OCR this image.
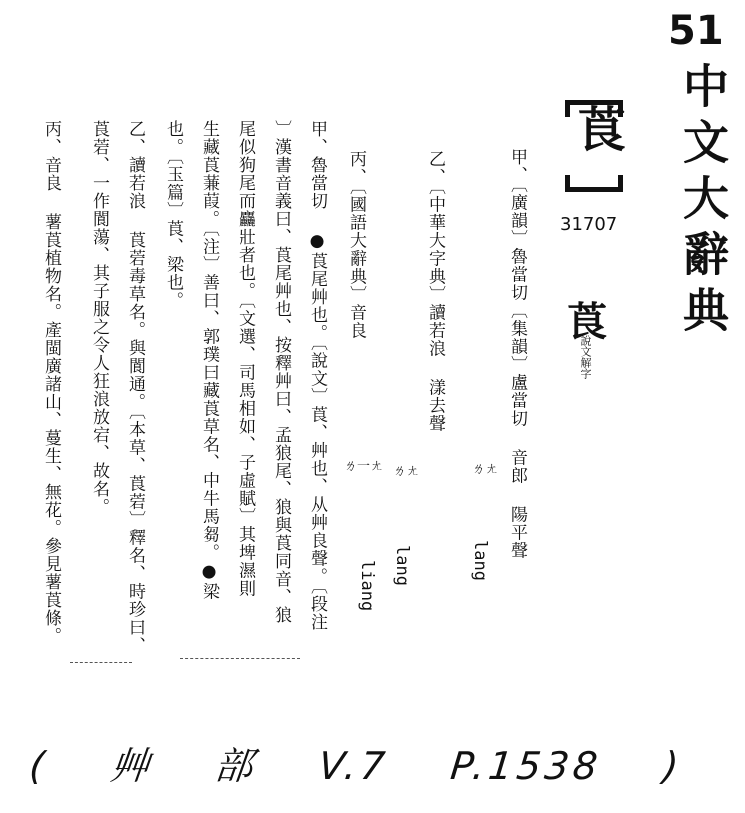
51
中文大辭典
莨
31707
莨
說文解字
甲、〔廣韻〕魯當切〔集韻〕盧當切 音郎 陽平聲
ㄌㄤ
lang
乙、〔中華大字典〕讀若浪 漾去聲
ㄌㄤ
lang
丙、〔國語大辭典〕音良
ㄌ一ㄤ
liang
甲、魯當切 ●莨尾艸也。〔說文〕莨、艸也、从艸良聲。〔段注
〕漢書音義曰、莨尾艸也、按釋艸曰、孟狼尾、狼與莨同音、狼
尾似狗尾而麤壯者也。〔文選、司馬相如、子虛賦〕其埤濕則
生藏莨蒹葭。〔注〕善曰、郭璞曰藏莨草名、中牛馬芻。●梁
也。〔玉篇〕莨、梁也。
乙、讀若浪 莨菪毒草名。與閬通。〔本草、莨菪〕釋名、時珍曰、
莨菪、一作閬蕩、其子服之令人狂浪放宕、故名。
丙、音良 薯莨植物名。產閩廣諸山、蔓生、無花。參見薯莨條。
( 艸 部 V.7 P.1538 )
